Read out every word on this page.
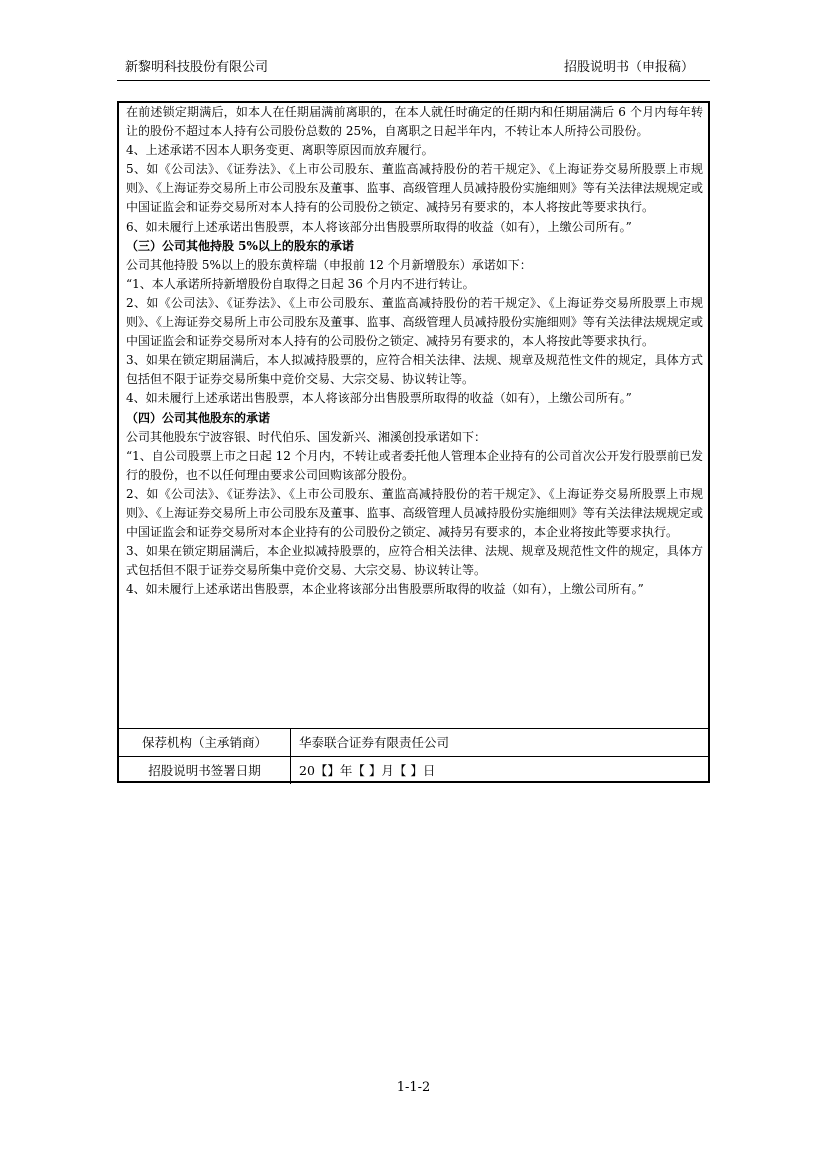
新黎明科技股份有限公司	招股说明书（申报稿）

在前述锁定期满后，如本人在任期届满前离职的，在本人就任时确定的任期内和任期届满后 6 个月内每年转让的股份不超过本人持有公司股份总数的 25%，自离职之日起半年内，不转让本人所持公司股份。

4、上述承诺不因本人职务变更、离职等原因而放弃履行。

5、如《公司法》、《证券法》、《上市公司股东、董监高减持股份的若干规定》、《上海证券交易所股票上市规则》、《上海证券交易所上市公司股东及董事、监事、高级管理人员减持股份实施细则》等有关法律法规规定或中国证监会和证券交易所对本人持有的公司股份之锁定、减持另有要求的，本人将按此等要求执行。

6、如未履行上述承诺出售股票，本人将该部分出售股票所取得的收益（如有），上缴公司所有。”

（三）公司其他持股 5%以上的股东的承诺

公司其他持股 5%以上的股东黄梓瑞（申报前 12 个月新增股东）承诺如下：

“1、本人承诺所持新增股份自取得之日起 36 个月内不进行转让。

2、如《公司法》、《证券法》、《上市公司股东、董监高减持股份的若干规定》、《上海证券交易所股票上市规则》、《上海证券交易所上市公司股东及董事、监事、高级管理人员减持股份实施细则》等有关法律法规规定或中国证监会和证券交易所对本人持有的公司股份之锁定、减持另有要求的，本人将按此等要求执行。

3、如果在锁定期届满后，本人拟减持股票的，应符合相关法律、法规、规章及规范性文件的规定，具体方式包括但不限于证券交易所集中竞价交易、大宗交易、协议转让等。

4、如未履行上述承诺出售股票，本人将该部分出售股票所取得的收益（如有），上缴公司所有。”

（四）公司其他股东的承诺

公司其他股东宁波容银、时代伯乐、国发新兴、湘溪创投承诺如下：

“1、自公司股票上市之日起 12 个月内，不转让或者委托他人管理本企业持有的公司首次公开发行股票前已发行的股份，也不以任何理由要求公司回购该部分股份。

2、如《公司法》、《证券法》、《上市公司股东、董监高减持股份的若干规定》、《上海证券交易所股票上市规则》、《上海证券交易所上市公司股东及董事、监事、高级管理人员减持股份实施细则》等有关法律法规规定或中国证监会和证券交易所对本企业持有的公司股份之锁定、减持另有要求的，本企业将按此等要求执行。

3、如果在锁定期届满后，本企业拟减持股票的，应符合相关法律、法规、规章及规范性文件的规定，具体方式包括但不限于证券交易所集中竞价交易、大宗交易、协议转让等。

4、如未履行上述承诺出售股票，本企业将该部分出售股票所取得的收益（如有），上缴公司所有。”

保荐机构（主承销商）	华泰联合证券有限责任公司
招股说明书签署日期	20【】年【 】月【 】日
1-1-2
